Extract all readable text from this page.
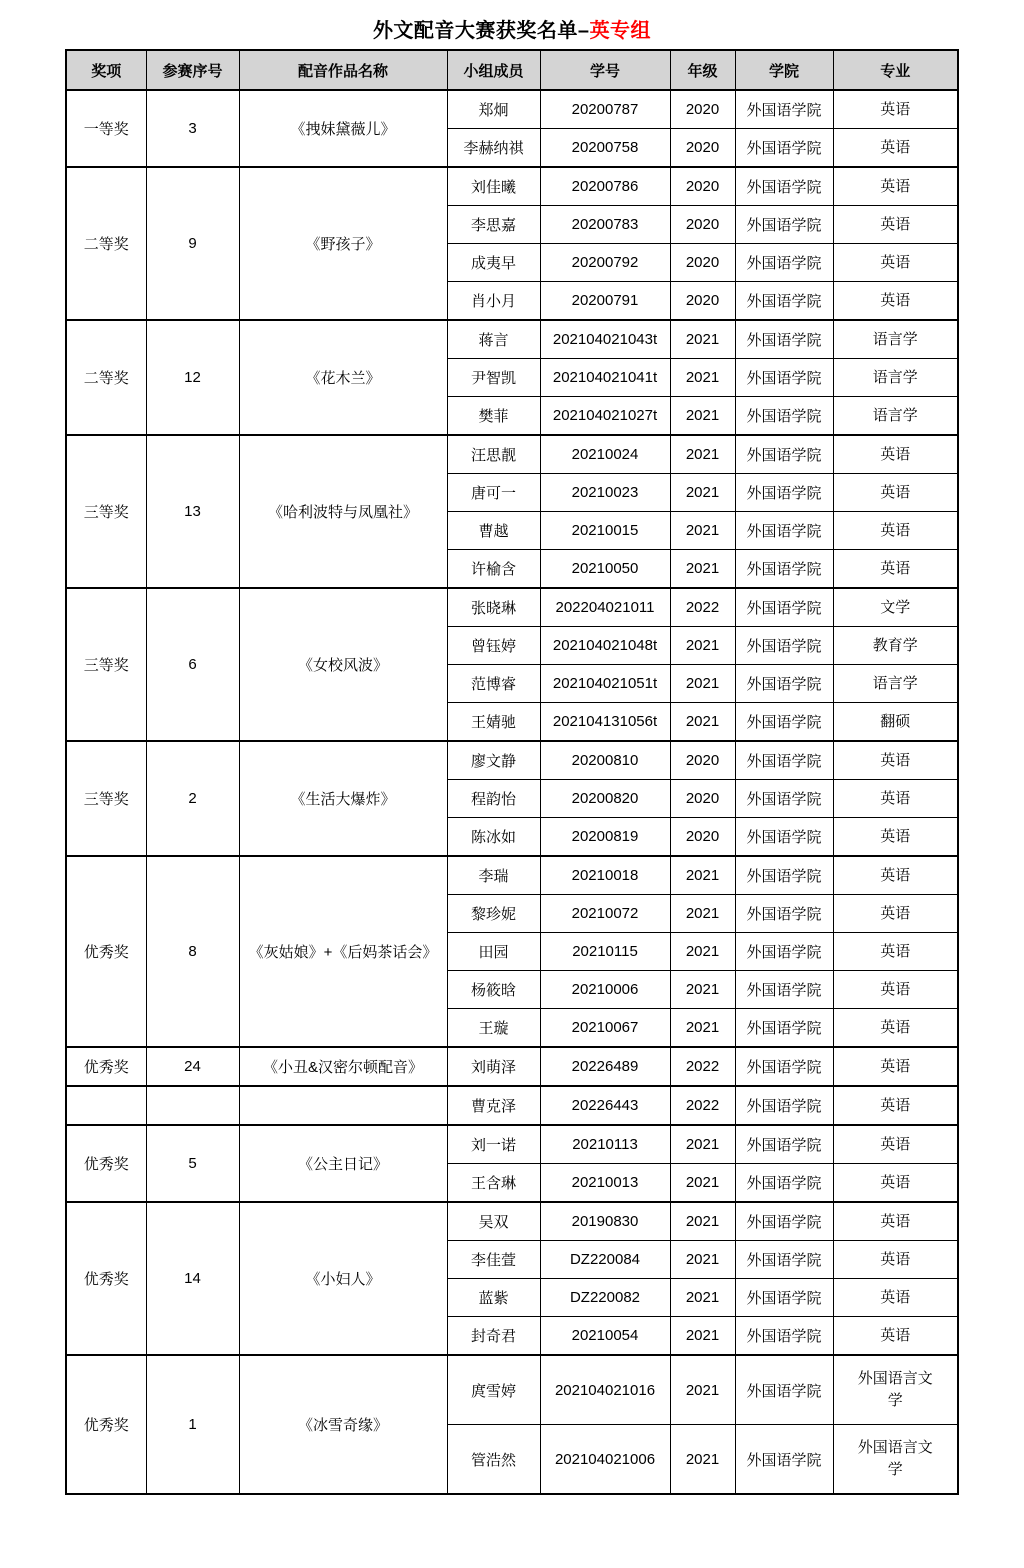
外文配音大赛获奖名单–英专组
奖项	参赛序号	配音作品名称	小组成员	学号	年级	学院	专业
一等奖	3	《拽妹黛薇儿》	郑炯	20200787	2020	外国语学院	英语
			李赫纳祺	20200758	2020	外国语学院	英语
二等奖	9	《野孩子》	刘佳曦	20200786	2020	外国语学院	英语
			李思嘉	20200783	2020	外国语学院	英语
			成夷早	20200792	2020	外国语学院	英语
			肖小月	20200791	2020	外国语学院	英语
二等奖	12	《花木兰》	蒋言	202104021043t	2021	外国语学院	语言学
			尹智凯	202104021041t	2021	外国语学院	语言学
			樊菲	202104021027t	2021	外国语学院	语言学
三等奖	13	《哈利波特与凤凰社》	汪思靓	20210024	2021	外国语学院	英语
			唐可一	20210023	2021	外国语学院	英语
			曹越	20210015	2021	外国语学院	英语
			许榆含	20210050	2021	外国语学院	英语
三等奖	6	《女校风波》	张晓琳	202204021011	2022	外国语学院	文学
			曾钰婷	202104021048t	2021	外国语学院	教育学
			范博睿	202104021051t	2021	外国语学院	语言学
			王婧驰	202104131056t	2021	外国语学院	翻硕
三等奖	2	《生活大爆炸》	廖文静	20200810	2020	外国语学院	英语
			程韵怡	20200820	2020	外国语学院	英语
			陈冰如	20200819	2020	外国语学院	英语
优秀奖	8	《灰姑娘》+《后妈茶话会》	李瑞	20210018	2021	外国语学院	英语
			黎珍妮	20210072	2021	外国语学院	英语
			田园	20210115	2021	外国语学院	英语
			杨筱晗	20210006	2021	外国语学院	英语
			王璇	20210067	2021	外国语学院	英语
优秀奖	24	《小丑&汉密尔顿配音》	刘萌泽	20226489	2022	外国语学院	英语
			曹克泽	20226443	2022	外国语学院	英语
优秀奖	5	《公主日记》	刘一诺	20210113	2021	外国语学院	英语
			王含琳	20210013	2021	外国语学院	英语
优秀奖	14	《小妇人》	吴双	20190830	2021	外国语学院	英语
			李佳萱	DZ220084	2021	外国语学院	英语
			蓝紫	DZ220082	2021	外国语学院	英语
			封奇君	20210054	2021	外国语学院	英语
优秀奖	1	《冰雪奇缘》	庹雪婷	202104021016	2021	外国语学院	外国语言文学
			管浩然	202104021006	2021	外国语学院	外国语言文学
